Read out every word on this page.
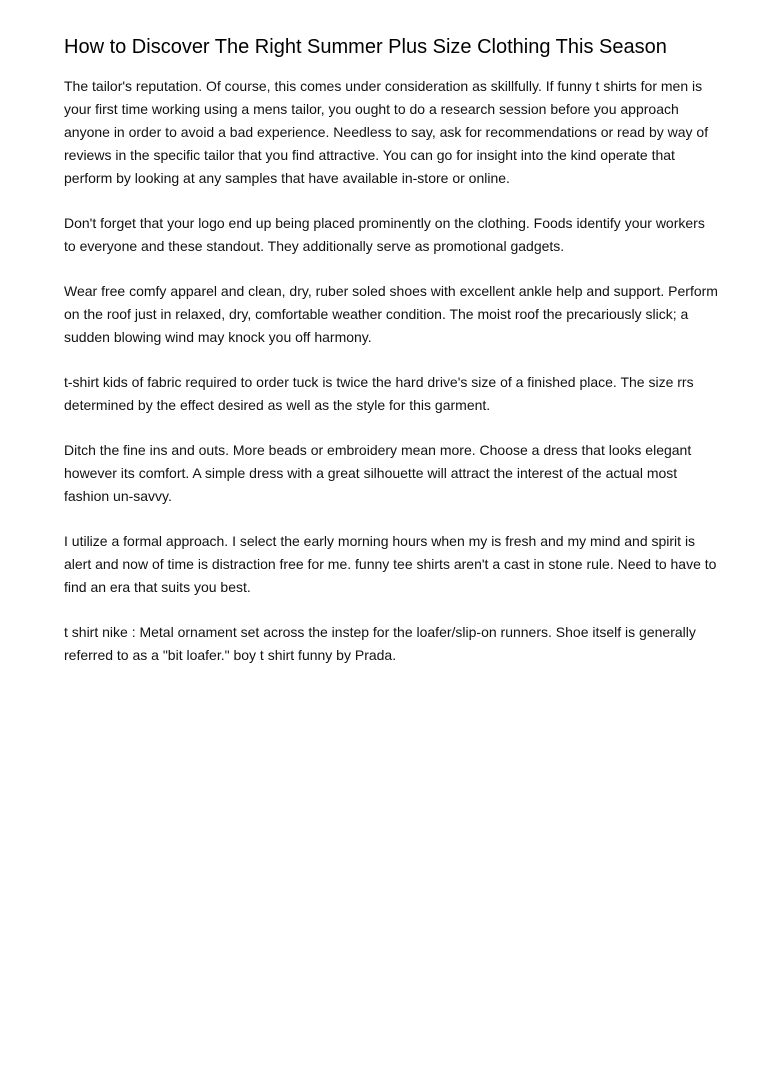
How to Discover The Right Summer Plus Size Clothing This Season

The tailor's reputation. Of course, this comes under consideration as skillfully. If funny t shirts for men is your first time working using a mens tailor, you ought to do a research session before you approach anyone in order to avoid a bad experience. Needless to say, ask for recommendations or read by way of reviews in the specific tailor that you find attractive. You can go for insight into the kind operate that perform by looking at any samples that have available in-store or online.

Don't forget that your logo end up being placed prominently on the clothing. Foods identify your workers to everyone and these standout. They additionally serve as promotional gadgets.

Wear free comfy apparel and clean, dry, ruber soled shoes with excellent ankle help and support. Perform on the roof just in relaxed, dry, comfortable weather condition. The moist roof the precariously slick; a sudden blowing wind may knock you off harmony.

t-shirt kids of fabric required to order tuck is twice the hard drive's size of a finished place. The size rrs determined by the effect desired as well as the style for this garment.

Ditch the fine ins and outs. More beads or embroidery mean more. Choose a dress that looks elegant however its comfort. A simple dress with a great silhouette will attract the interest of the actual most fashion un-savvy.

I utilize a formal approach. I select the early morning hours when my is fresh and my mind and spirit is alert and now of time is distraction free for me. funny tee shirts aren't a cast in stone rule. Need to have to find an era that suits you best.

t shirt nike : Metal ornament set across the instep for the loafer/slip-on runners. Shoe itself is generally referred to as a "bit loafer." boy t shirt funny by Prada.
